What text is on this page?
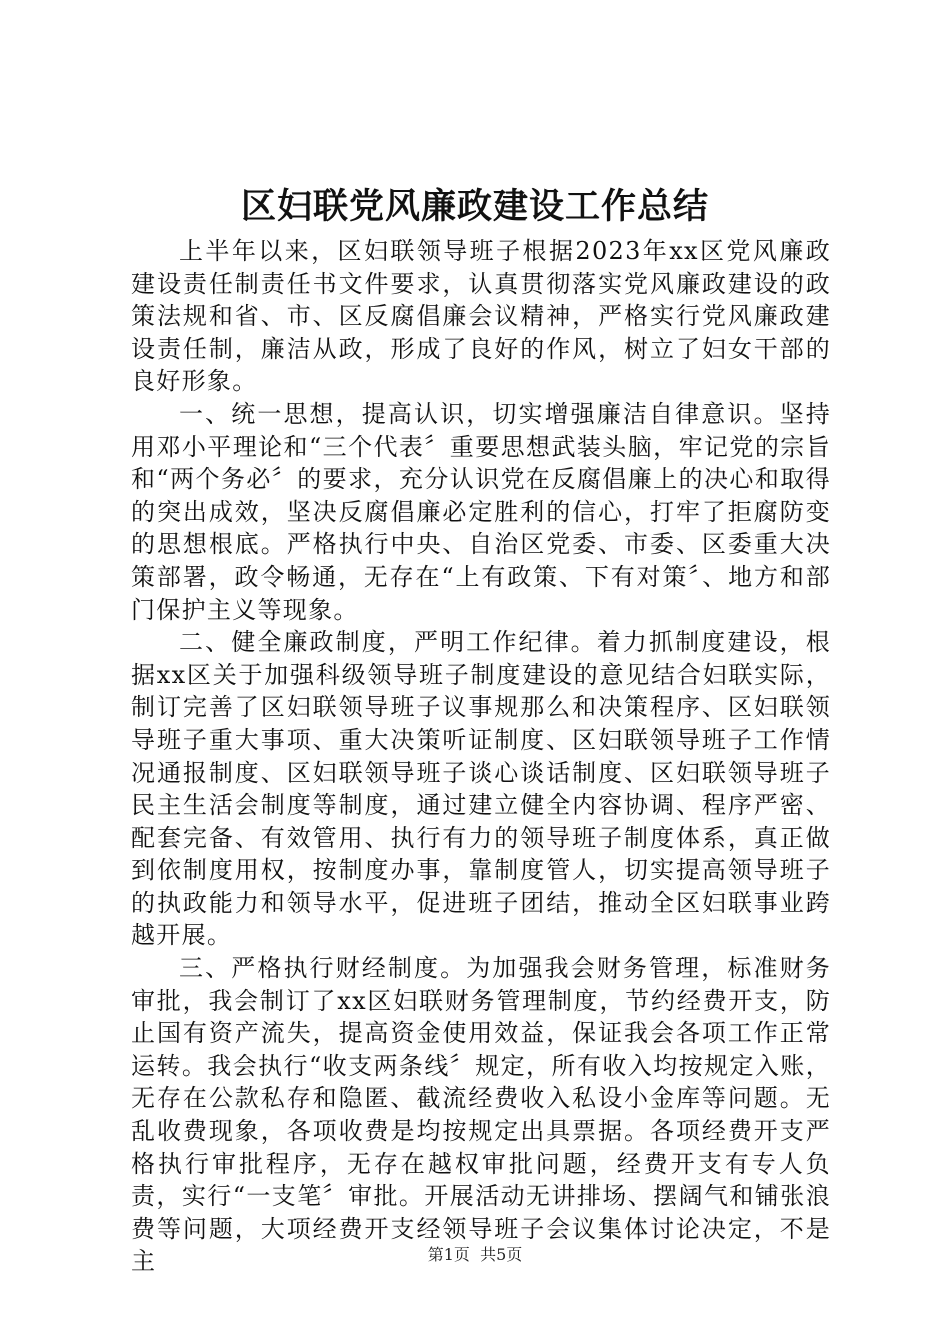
区妇联党风廉政建设工作总结

上半年以来，区妇联领导班子根据2023年xx区党风廉政建设责任制责任书文件要求，认真贯彻落实党风廉政建设的政策法规和省、市、区反腐倡廉会议精神，严格实行党风廉政建设责任制，廉洁从政，形成了良好的作风，树立了妇女干部的良好形象。

一、统一思想，提高认识，切实增强廉洁自律意识。坚持用邓小平理论和“三个代表〞重要思想武装头脑，牢记党的宗旨和“两个务必〞的要求，充分认识党在反腐倡廉上的决心和取得的突出成效，坚决反腐倡廉必定胜利的信心，打牢了拒腐防变的思想根底。严格执行中央、自治区党委、市委、区委重大决策部署，政令畅通，无存在“上有政策、下有对策〞、地方和部门保护主义等现象。

二、健全廉政制度，严明工作纪律。着力抓制度建设，根据xx区关于加强科级领导班子制度建设的意见结合妇联实际，制订完善了区妇联领导班子议事规那么和决策程序、区妇联领导班子重大事项、重大决策听证制度、区妇联领导班子工作情况通报制度、区妇联领导班子谈心谈话制度、区妇联领导班子民主生活会制度等制度，通过建立健全内容协调、程序严密、配套完备、有效管用、执行有力的领导班子制度体系，真正做到依制度用权，按制度办事，靠制度管人，切实提高领导班子的执政能力和领导水平，促进班子团结，推动全区妇联事业跨越开展。

三、严格执行财经制度。为加强我会财务管理，标准财务审批，我会制订了xx区妇联财务管理制度，节约经费开支，防止国有资产流失，提高资金使用效益，保证我会各项工作正常运转。我会执行“收支两条线〞规定，所有收入均按规定入账，无存在公款私存和隐匿、截流经费收入私设小金库等问题。无乱收费现象，各项收费是均按规定出具票据。各项经费开支严格执行审批程序，无存在越权审批问题，经费开支有专人负责，实行“一支笔〞审批。开展活动无讲排场、摆阔气和铺张浪费等问题，大项经费开支经领导班子会议集体讨论决定，不是主	第1页 共5页
